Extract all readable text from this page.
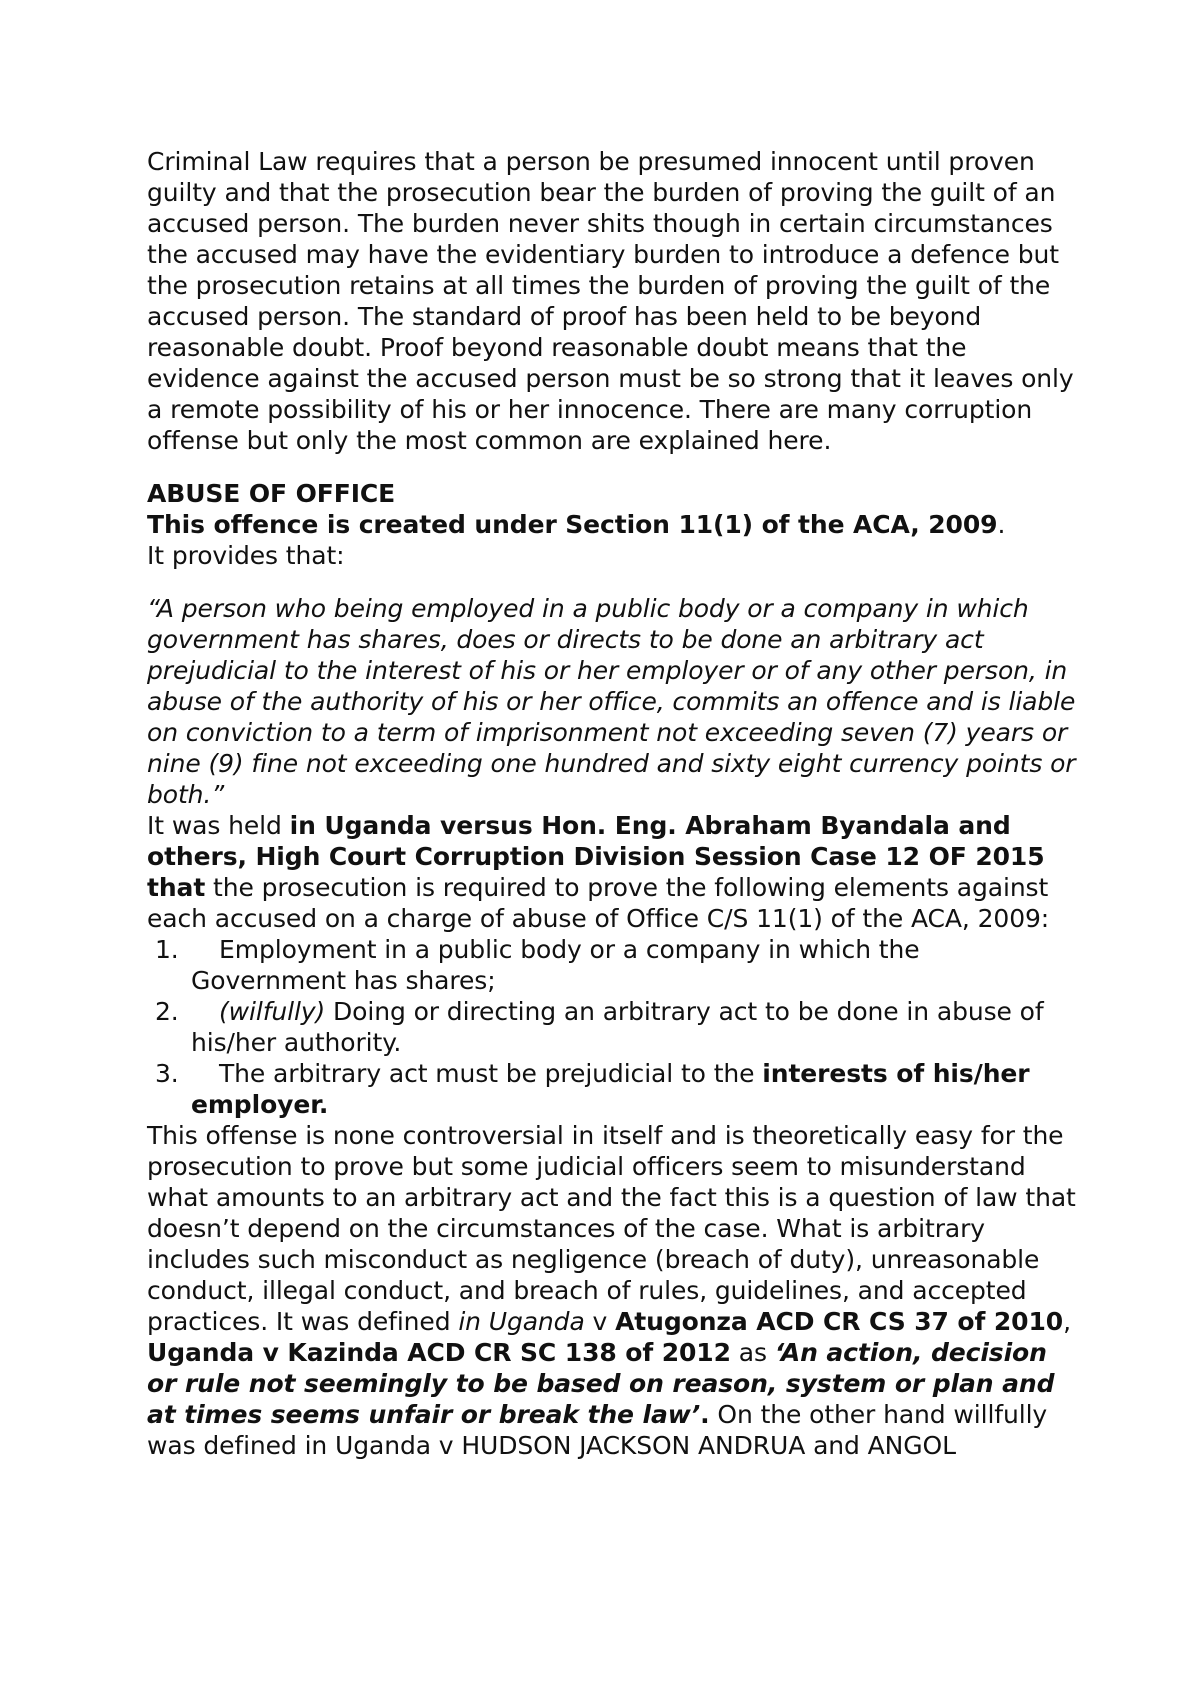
Criminal Law requires that a person be presumed innocent until proven guilty and that the prosecution bear the burden of proving the guilt of an accused person. The burden never shits though in certain circumstances the accused may have the evidentiary burden to introduce a defence but the prosecution retains at all times the burden of proving the guilt of the accused person. The standard of proof has been held to be beyond reasonable doubt. Proof beyond reasonable doubt means that the evidence against the accused person must be so strong that it leaves only a remote possibility of his or her innocence. There are many corruption offense but only the most common are explained here.

ABUSE OF OFFICE

This offence is created under Section 11(1) of the ACA, 2009.

It provides that:

“A person who being employed in a public body or a company in which government has shares, does or directs to be done an arbitrary act prejudicial to the interest of his or her employer or of any other person, in abuse of the authority of his or her office, commits an offence and is liable on conviction to a term of imprisonment not exceeding seven (7) years or nine (9) fine not exceeding one hundred and sixty eight currency points or both.”

It was held in Uganda versus Hon. Eng. Abraham Byandala and others, High Court Corruption Division Session Case 12 OF 2015 that the prosecution is required to prove the following elements against each accused on a charge of abuse of Office C/S 11(1) of the ACA, 2009:

1. Employment in a public body or a company in which the Government has shares;
2. (wilfully) Doing or directing an arbitrary act to be done in abuse of his/her authority.
3. The arbitrary act must be prejudicial to the interests of his/her employer.

This offense is none controversial in itself and is theoretically easy for the prosecution to prove but some judicial officers seem to misunderstand what amounts to an arbitrary act and the fact this is a question of law that doesn’t depend on the circumstances of the case. What is arbitrary includes such misconduct as negligence (breach of duty), unreasonable conduct, illegal conduct, and breach of rules, guidelines, and accepted practices. It was defined in Uganda v Atugonza ACD CR CS 37 of 2010, Uganda v Kazinda ACD CR SC 138 of 2012 as ‘An action, decision or rule not seemingly to be based on reason, system or plan and at times seems unfair or break the law’. On the other hand willfully was defined in Uganda v HUDSON JACKSON ANDRUA and ANGOL
